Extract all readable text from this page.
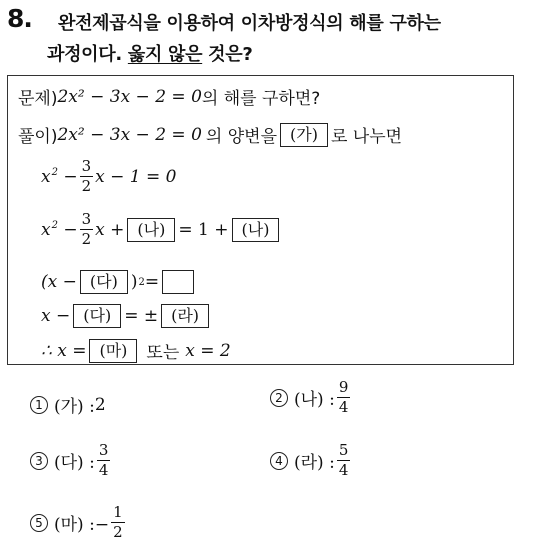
8. 완전제곱식을 이용하여 이차방정식의 해를 구하는
과정이다. 옳지 않은 것은?
문제) 2x² − 3x − 2 = 0 의 해를 구하면?
풀이) 2x² − 3x − 2 = 0 의 양변을 (가) 로 나누면
$x^2 - \frac{3}{2}$ x − 1 = 0
$x^2 - \frac{3}{2}$ x + (나) = 1 + (나)
(x − (다) ) 2 =
x − (다) = ± (라)
∴ x = (마)	또는 x = 2
1 (가) : 2	2 (나) : $\frac{9}{4}$
3 (다) : $\frac{3}{4}$	4 (라) : $\frac{5}{4}$
5 (마) :− $\frac{1}{2}$
